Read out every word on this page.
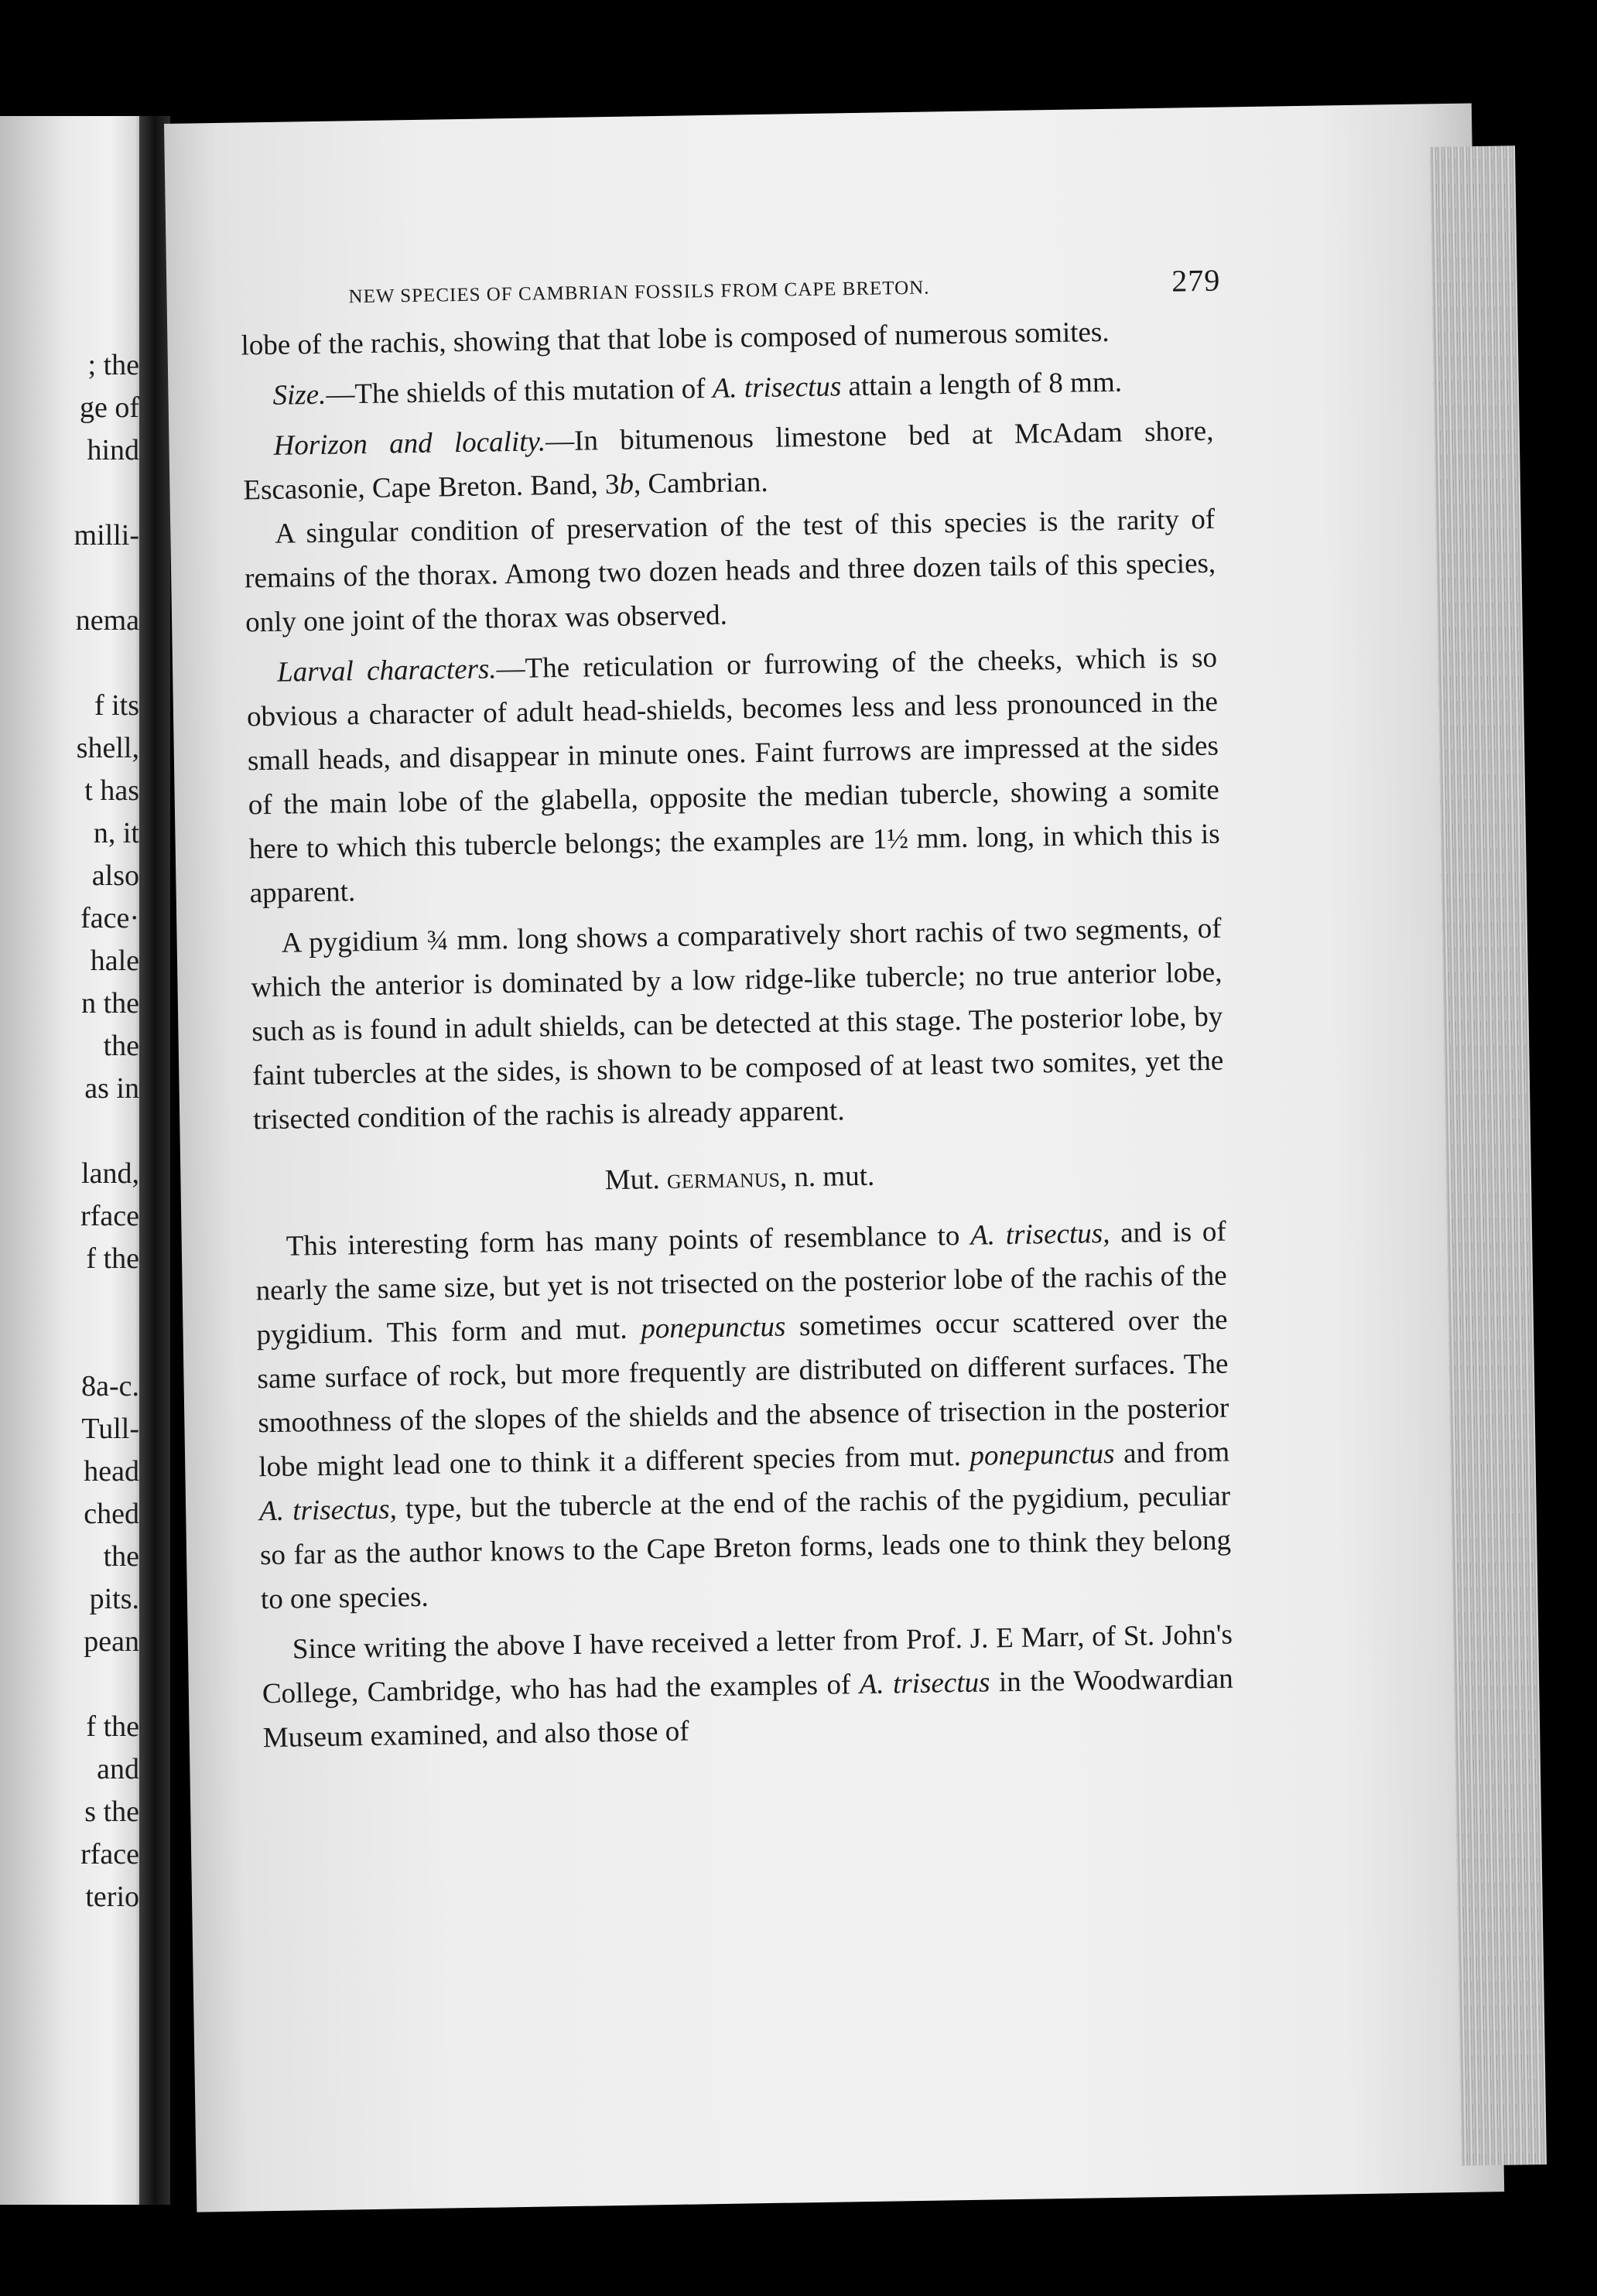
; the
ge of
hind
milli-
nema
f its
shell,
t has
n, it
also
face·
hale
n the
the
as in
land,
rface
f the
8a-c.
Tull-
head
ched
the
pits.
pean
f the
and
s the
rface
terio
NEW SPECIES OF CAMBRIAN FOSSILS FROM CAPE BRETON.	279

lobe of the rachis, showing that that lobe is composed of numerous somites.

Size.—The shields of this mutation of A. trisectus attain a length of 8 mm.

Horizon and locality.—In bitumenous limestone bed at McAdam shore, Escasonie, Cape Breton. Band, 3b, Cambrian.

A singular condition of preservation of the test of this species is the rarity of remains of the thorax. Among two dozen heads and three dozen tails of this species, only one joint of the thorax was observed.

Larval characters.—The reticulation or furrowing of the cheeks, which is so obvious a character of adult head-shields, becomes less and less pronounced in the small heads, and disappear in minute ones. Faint furrows are impressed at the sides of the main lobe of the glabella, opposite the median tubercle, showing a somite here to which this tubercle belongs; the examples are 1½ mm. long, in which this is apparent.

A pygidium ¾ mm. long shows a comparatively short rachis of two segments, of which the anterior is dominated by a low ridge-like tubercle; no true anterior lobe, such as is found in adult shields, can be detected at this stage. The posterior lobe, by faint tubercles at the sides, is shown to be composed of at least two somites, yet the trisected condition of the rachis is already apparent.

Mut. germanus, n. mut.

This interesting form has many points of resemblance to A. trisectus, and is of nearly the same size, but yet is not trisected on the posterior lobe of the rachis of the pygidium. This form and mut. ponepunctus sometimes occur scattered over the same surface of rock, but more frequently are distributed on different surfaces. The smoothness of the slopes of the shields and the absence of trisection in the posterior lobe might lead one to think it a different species from mut. ponepunctus and from A. trisectus, type, but the tubercle at the end of the rachis of the pygidium, peculiar so far as the author knows to the Cape Breton forms, leads one to think they belong to one species.

Since writing the above I have received a letter from Prof. J. E Marr, of St. John's College, Cambridge, who has had the examples of A. trisectus in the Woodwardian Museum examined, and also those of
